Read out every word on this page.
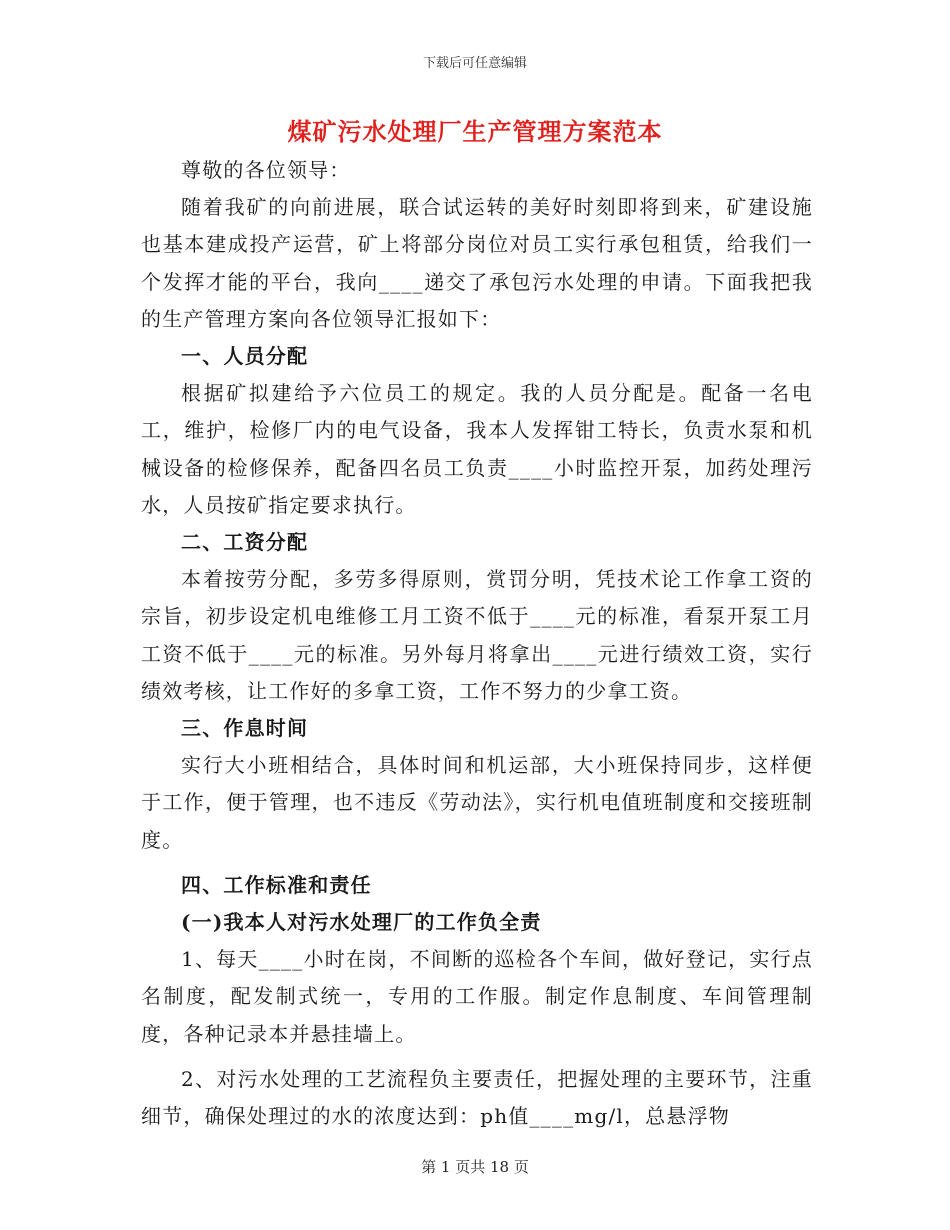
下载后可任意编辑
煤矿污水处理厂生产管理方案范本

尊敬的各位领导：

随着我矿的向前进展，联合试运转的美好时刻即将到来，矿建设施也基本建成投产运营，矿上将部分岗位对员工实行承包租赁，给我们一个发挥才能的平台，我向____递交了承包污水处理的申请。下面我把我的生产管理方案向各位领导汇报如下：

一、人员分配

根据矿拟建给予六位员工的规定。我的人员分配是。配备一名电工，维护，检修厂内的电气设备，我本人发挥钳工特长，负责水泵和机械设备的检修保养，配备四名员工负责____小时监控开泵，加药处理污水，人员按矿指定要求执行。

二、工资分配

本着按劳分配，多劳多得原则，赏罚分明，凭技术论工作拿工资的宗旨，初步设定机电维修工月工资不低于____元的标准，看泵开泵工月工资不低于____元的标准。另外每月将拿出____元进行绩效工资，实行绩效考核，让工作好的多拿工资，工作不努力的少拿工资。

三、作息时间

实行大小班相结合，具体时间和机运部，大小班保持同步，这样便于工作，便于管理，也不违反《劳动法》，实行机电值班制度和交接班制度。

四、工作标准和责任

(一)我本人对污水处理厂的工作负全责

1、每天____小时在岗，不间断的巡检各个车间，做好登记，实行点名制度，配发制式统一，专用的工作服。制定作息制度、车间管理制度，各种记录本并悬挂墙上。

2、对污水处理的工艺流程负主要责任，把握处理的主要环节，注重细节，确保处理过的水的浓度达到：ph值____mg/l，总悬浮物

第 1 页共 18 页
